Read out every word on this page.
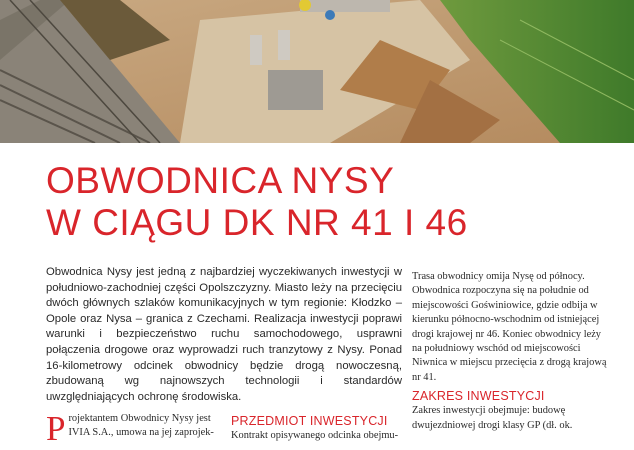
OBWODNICA NYSY
W CIĄGU DK NR 41 I 46

Obwodnica Nysy jest jedną z najbardziej wyczekiwanych inwestycji w południowo-zachodniej części Opolszczyzny. Miasto leży na przecięciu dwóch głównych szlaków komunikacyjnych w tym regionie: Kłodzko – Opole oraz Nysa – granica z Czechami. Realizacja inwestycji poprawi warunki i bezpieczeństwo ruchu samochodowego, usprawni połączenia drogowe oraz wyprowadzi ruch tranzytowy z Nysy. Ponad 16-kilometrowy odcinek obwodnicy będzie drogą nowoczesną, zbudowaną wg najnowszych technologii i standardów uwzględniających ochronę środowiska.

Projektantem Obwodnicy Nysy jest IVIA S.A., umowa na jej zaprojek-

PRZEDMIOT INWESTYCJI

Kontrakt opisywanego odcinka obejmu-

Trasa obwodnicy omija Nysę od północy. Obwodnica rozpoczyna się na południe od miejscowości Goświniowice, gdzie odbija w kierunku północno-wschodnim od istniejącej drogi krajowej nr 46. Koniec obwodnicy leży na południowy wschód od miejscowości Niwnica w miejscu przecięcia z drogą krajową nr 41.

ZAKRES INWESTYCJI

Zakres inwestycji obejmuje: budowę dwujezdniowej drogi klasy GP (dł. ok.
